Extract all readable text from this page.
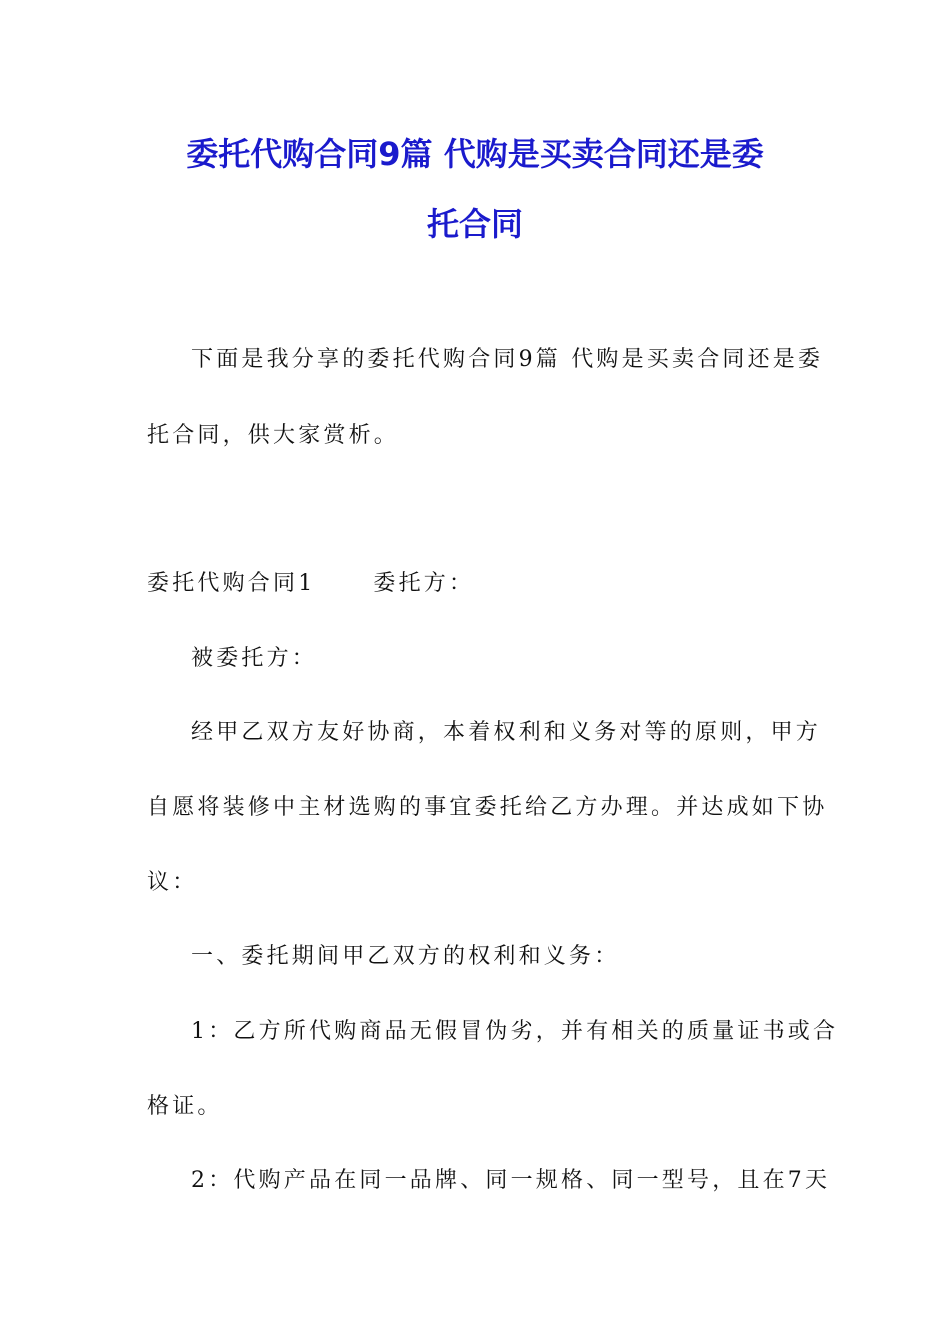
委托代购合同9篇 代购是买卖合同还是委
托合同
下面是我分享的委托代购合同9篇 代购是买卖合同还是委
托合同，供大家赏析。
委托代购合同1	委托方：
被委托方：
经甲乙双方友好协商，本着权利和义务对等的原则，甲方
自愿将装修中主材选购的事宜委托给乙方办理。并达成如下协
议：
一、委托期间甲乙双方的权利和义务：
1：乙方所代购商品无假冒伪劣，并有相关的质量证书或合
格证。
2：代购产品在同一品牌、同一规格、同一型号，且在7天
